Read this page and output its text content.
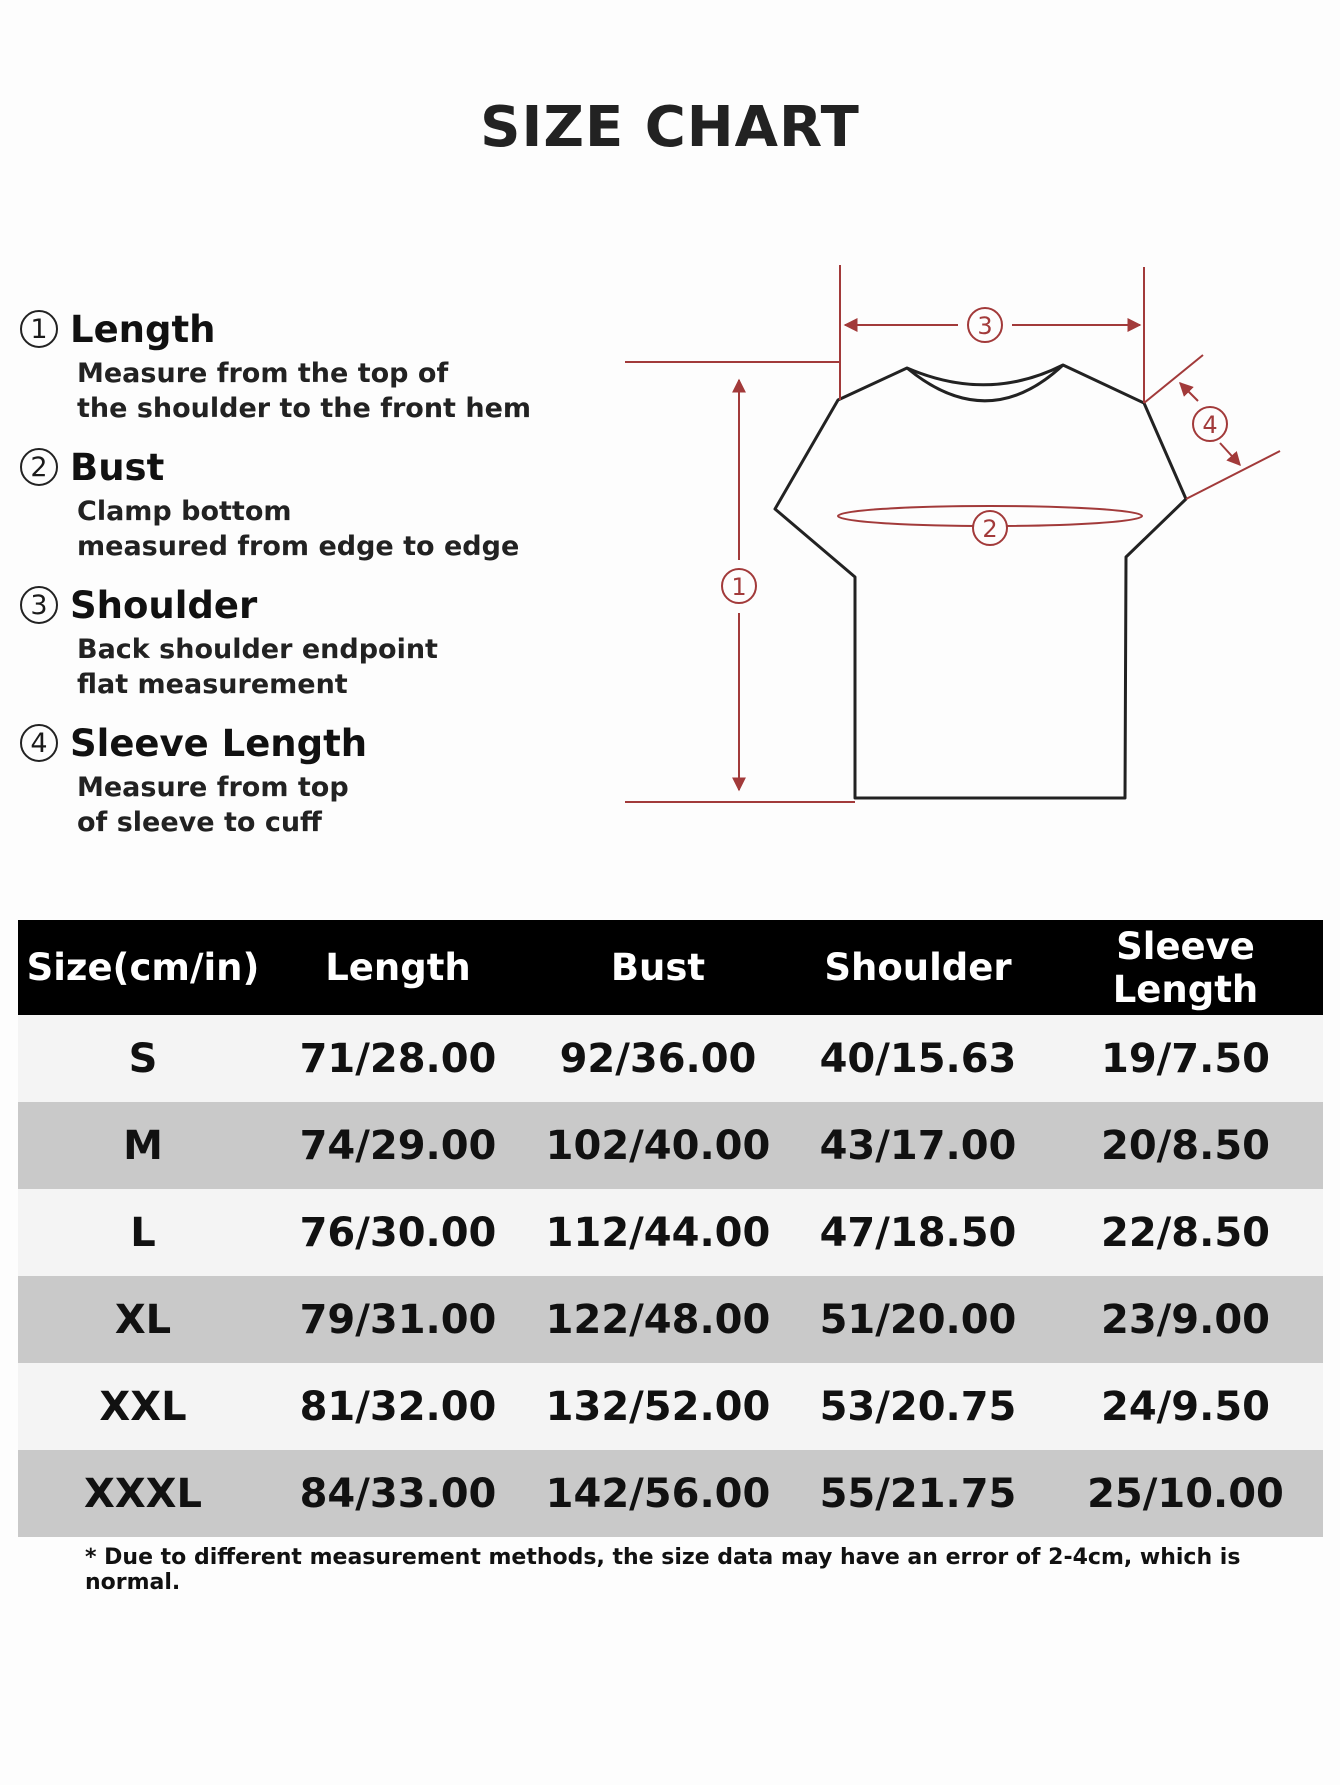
SIZE CHART
1 Length
Measure from the top of
the shoulder to the front hem
2 Bust
Clamp bottom
measured from edge to edge
3 Shoulder
Back shoulder endpoint
flat measurement
4 Sleeve Length
Measure from top
of sleeve to cuff
1
2
3
4
Size(cm/in)	Length	Bust	Shoulder	Sleeve Length
S	71/28.00	92/36.00	40/15.63	19/7.50
M	74/29.00	102/40.00	43/17.00	20/8.50
L	76/30.00	112/44.00	47/18.50	22/8.50
XL	79/31.00	122/48.00	51/20.00	23/9.00
XXL	81/32.00	132/52.00	53/20.75	24/9.50
XXXL	84/33.00	142/56.00	55/21.75	25/10.00
* Due to different measurement methods, the size data may have an error of 2-4cm, which is normal.
